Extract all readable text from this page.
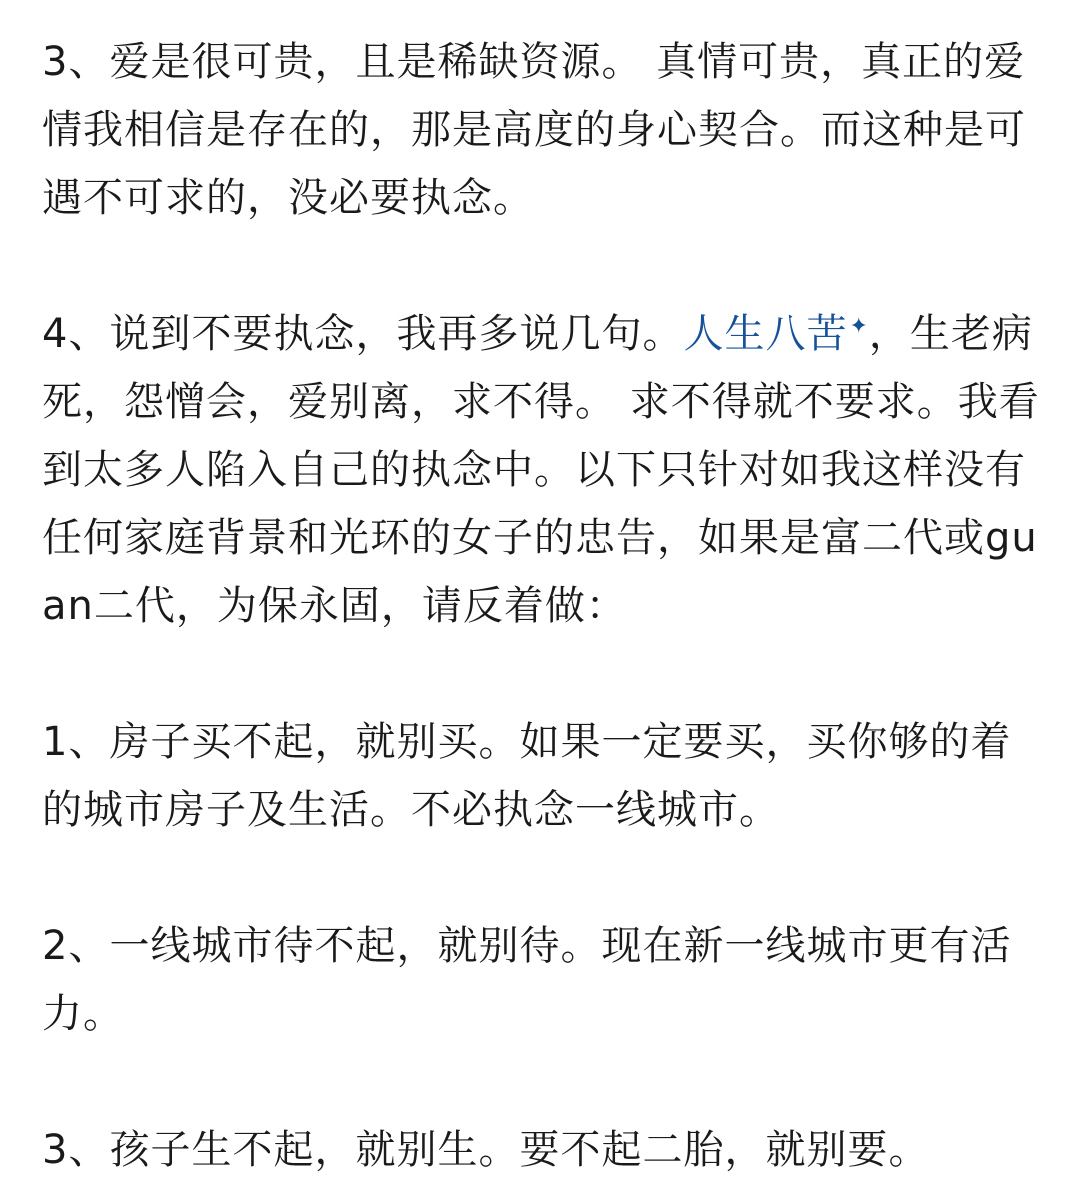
3、爱是很可贵，且是稀缺资源。 真情可贵，真正的爱情我相信是存在的，那是高度的身心契合。而这种是可遇不可求的，没必要执念。

4、说到不要执念，我再多说几句。人生八苦✦，生老病死，怨憎会，爱别离，求不得。 求不得就不要求。我看到太多人陷入自己的执念中。以下只针对如我这样没有任何家庭背景和光环的女子的忠告，如果是富二代或guan二代，为保永固，请反着做：

1、房子买不起，就别买。如果一定要买，买你够的着的城市房子及生活。不必执念一线城市。

2、一线城市待不起，就别待。现在新一线城市更有活力。

3、孩子生不起，就别生。要不起二胎，就别要。
